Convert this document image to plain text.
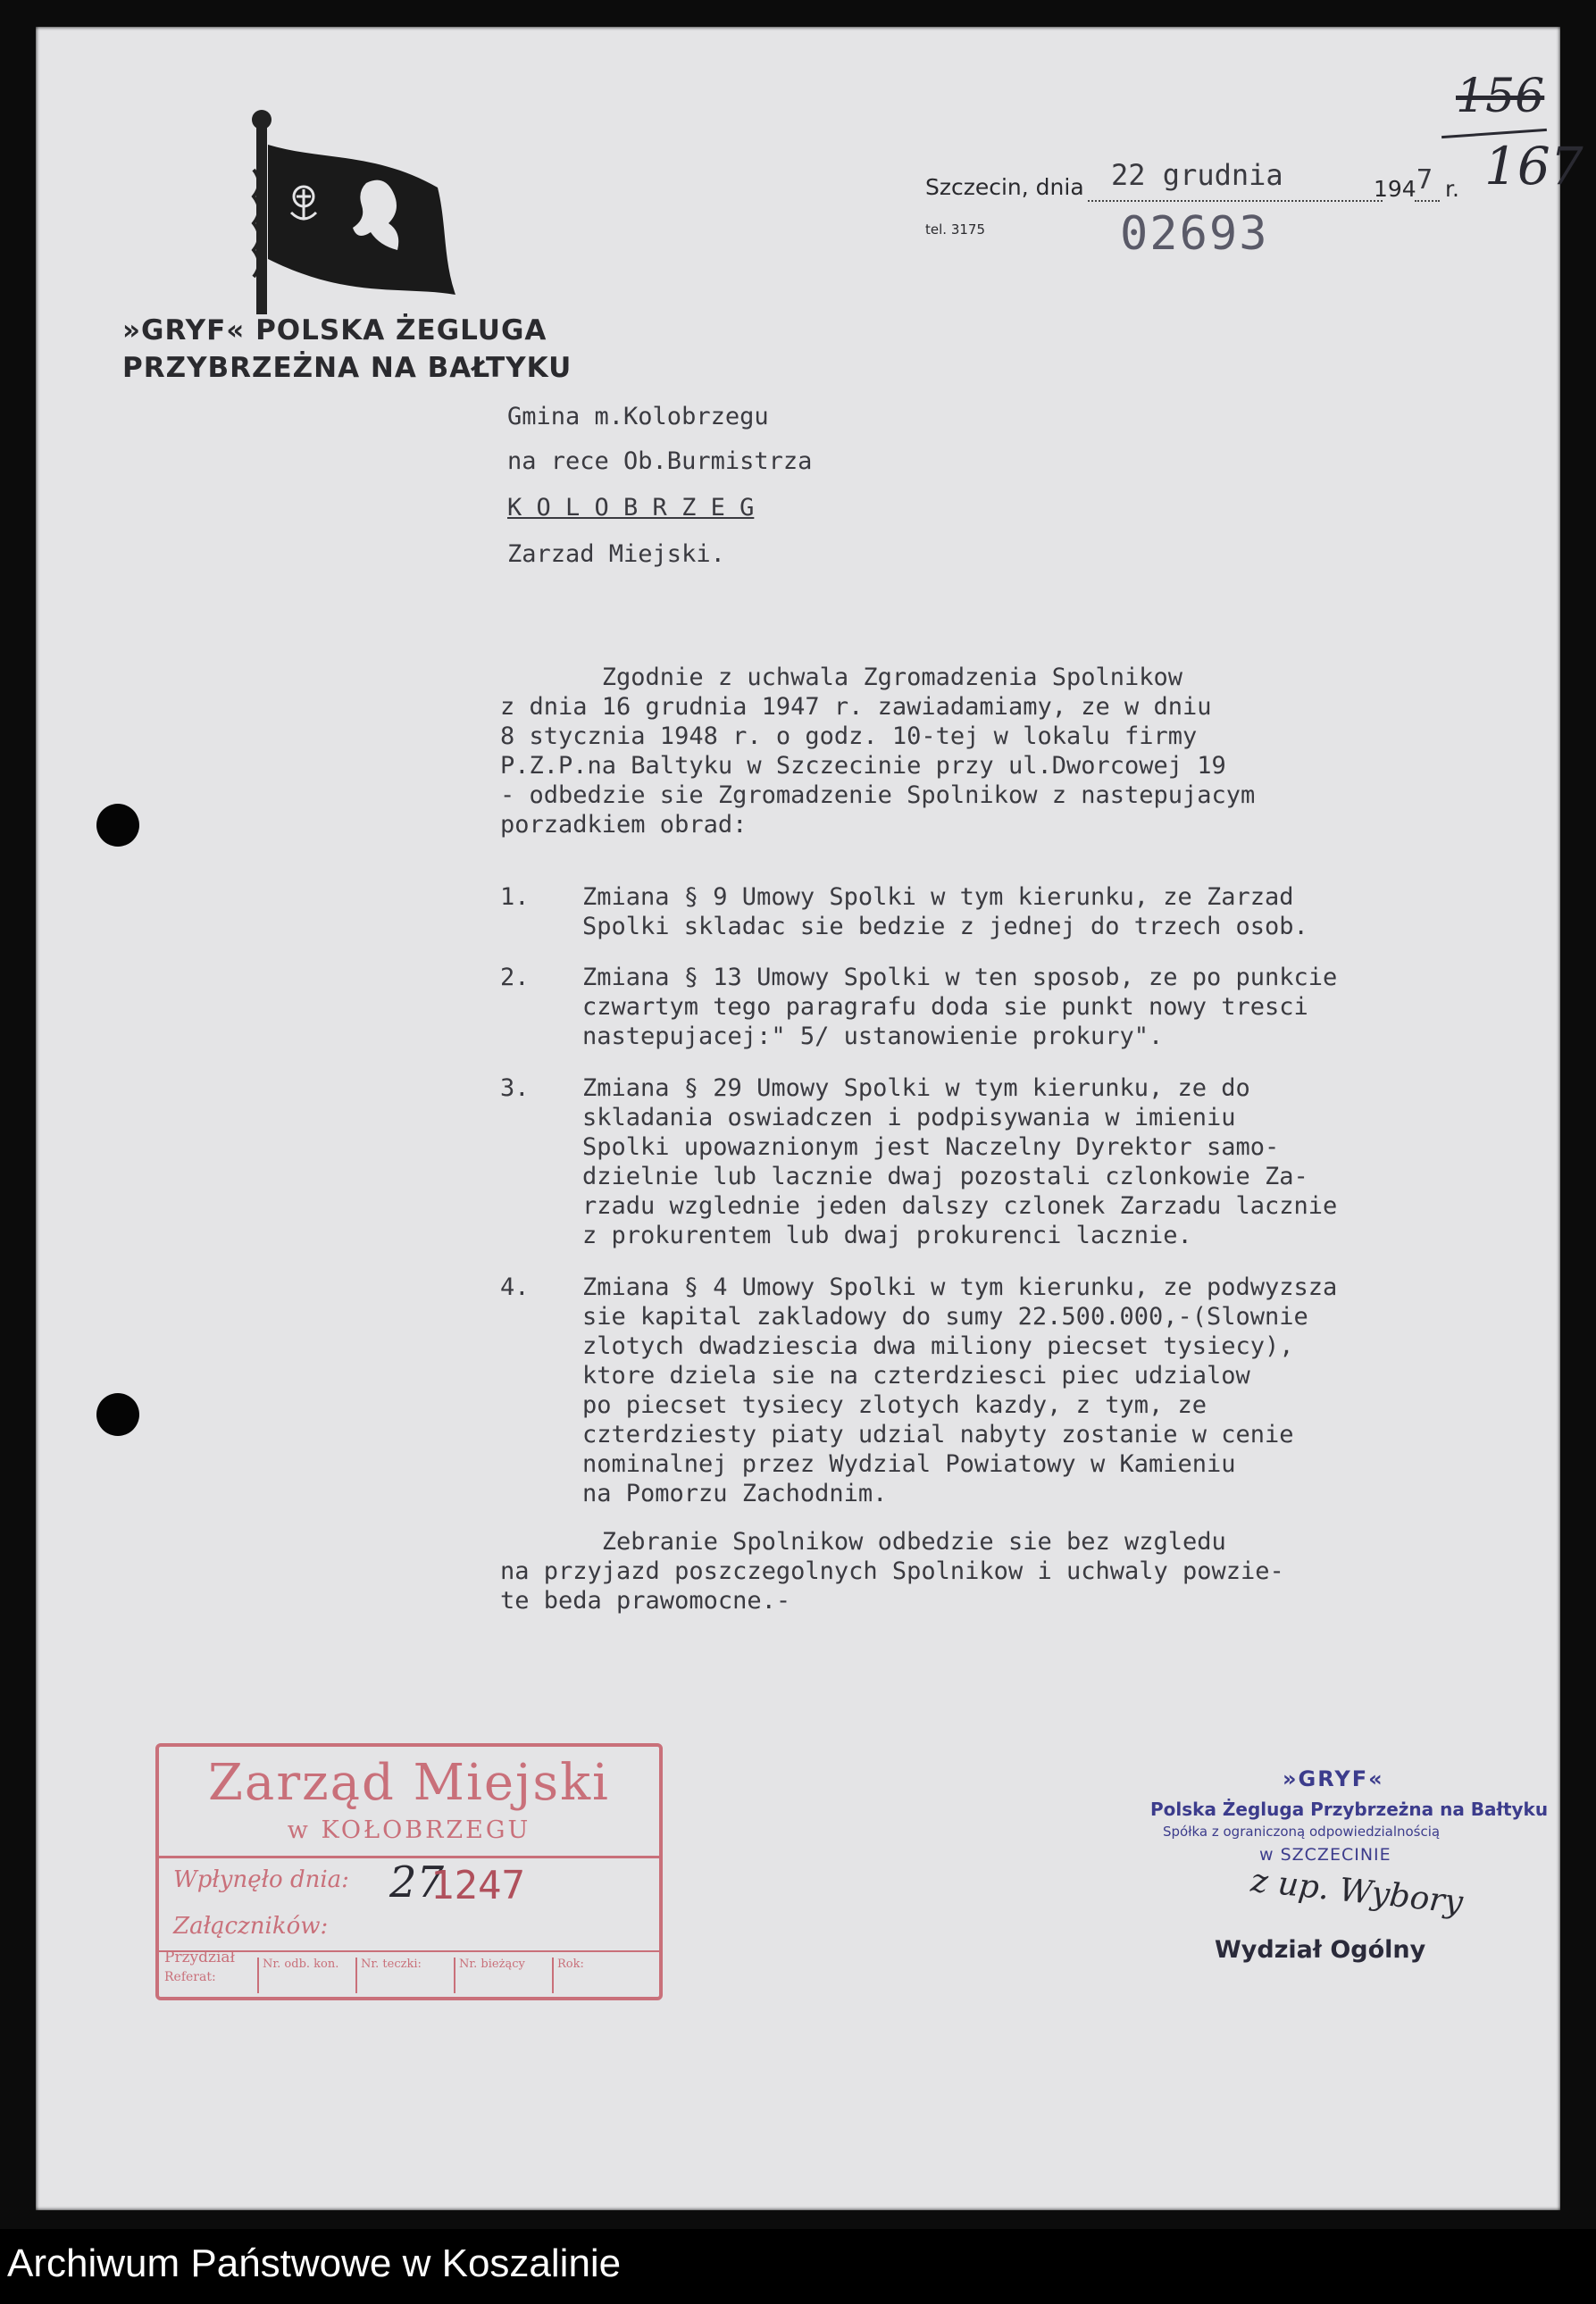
»GRYF« POLSKA ŻEGLUGA
PRZYBRZEŻNA NA BAŁTYKU
Szczecin, dnia 22 grudnia	194 7 r.
tel. 3175	02693
156
167
Gmina m.Kolobrzegu
na rece Ob.Burmistrza
K O L O B R Z E G
Zarzad Miejski.
Zgodnie z uchwala Zgromadzenia Spolnikow
z dnia 16 grudnia 1947 r. zawiadamiamy, ze w dniu
8 stycznia 1948 r. o godz. 10-tej w lokalu firmy
P.Z.P.na Baltyku w Szczecinie przy ul.Dworcowej 19
- odbedzie sie Zgromadzenie Spolnikow z nastepujacym
porzadkiem obrad:
1. Zmiana § 9 Umowy Spolki w tym kierunku, ze Zarzad
Spolki skladac sie bedzie z jednej do trzech osob.
2. Zmiana § 13 Umowy Spolki w ten sposob, ze po punkcie
czwartym tego paragrafu doda sie punkt nowy tresci
nastepujacej:" 5/ ustanowienie prokury".
3. Zmiana § 29 Umowy Spolki w tym kierunku, ze do
skladania oswiadczen i podpisywania w imieniu
Spolki upowaznionym jest Naczelny Dyrektor samo-
dzielnie lub lacznie dwaj pozostali czlonkowie Za-
rzadu wzglednie jeden dalszy czlonek Zarzadu lacznie
z prokurentem lub dwaj prokurenci lacznie.
4. Zmiana § 4 Umowy Spolki w tym kierunku, ze podwyzsza
sie kapital zakladowy do sumy 22.500.000,-(Slownie
zlotych dwadziescia dwa miliony piecset tysiecy),
ktore dziela sie na czterdziesci piec udzialow
po piecset tysiecy zlotych kazdy, z tym, ze
czterdziesty piaty udzial nabyty zostanie w cenie
nominalnej przez Wydzial Powiatowy w Kamieniu
na Pomorzu Zachodnim.
Zebranie Spolnikow odbedzie sie bez wzgledu
na przyjazd poszczegolnych Spolnikow i uchwaly powzie-
te beda prawomocne.-
Zarząd Miejski
w KOŁOBRZEGU
Wpłynęło dnia: 27
1247
Załączników:
Przydział
Referat:
Nr. odb. kon.	Nr. teczki:	Nr. bieżący	Rok:
»GRYF«
Polska Żegluga Przybrzeżna na Bałtyku
Spółka z ograniczoną odpowiedzialnością
w SZCZECINIE
z up. Wybory
Wydział Ogólny
Archiwum Państwowe w Koszalinie
